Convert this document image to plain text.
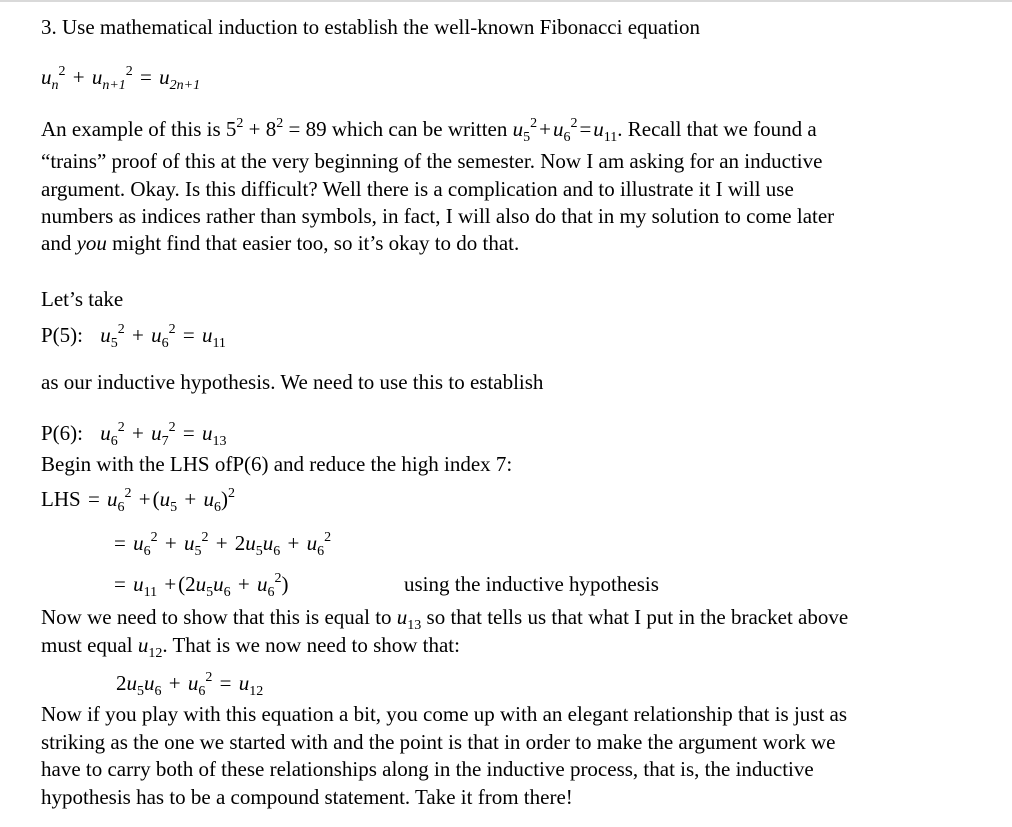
3. Use mathematical induction to establish the well-known Fibonacci equation
$u_n^2 + u_{n+1}^2 = u_{2n+1}$
An example of this is $5^2 + 8^2 = 89$ which can be written $u_5^2+u_6^2=u_{11}$. Recall that we found a
“trains” proof of this at the very beginning of the semester. Now I am asking for an inductive
argument. Okay. Is this difficult? Well there is a complication and to illustrate it I will use
numbers as indices rather than symbols, in fact, I will also do that in my solution to come later
and you might find that easier too, so it’s okay to do that.
Let’s take
P(5): $u_5^2 + u_6^2 = u_{11}$
as our inductive hypothesis. We need to use this to establish
P(6): $u_6^2 + u_7^2 = u_{13}$
Begin with the LHS ofP(6) and reduce the high index 7:
LHS = $u_6^2 +(u_5 + u_6)^2$
= $u_6^2 + u_5^2 + 2u_5u_6 + u_6^2$
= $u_{11} +(2u_5u_6 + u_6^2)$	using the inductive hypothesis
Now we need to show that this is equal to $u_{13}$ so that tells us that what I put in the bracket above
must equal $u_{12}$. That is we now need to show that:
$2u_5u_6 + u_6^2 = u_{12}$
Now if you play with this equation a bit, you come up with an elegant relationship that is just as
striking as the one we started with and the point is that in order to make the argument work we
have to carry both of these relationships along in the inductive process, that is, the inductive
hypothesis has to be a compound statement. Take it from there!
